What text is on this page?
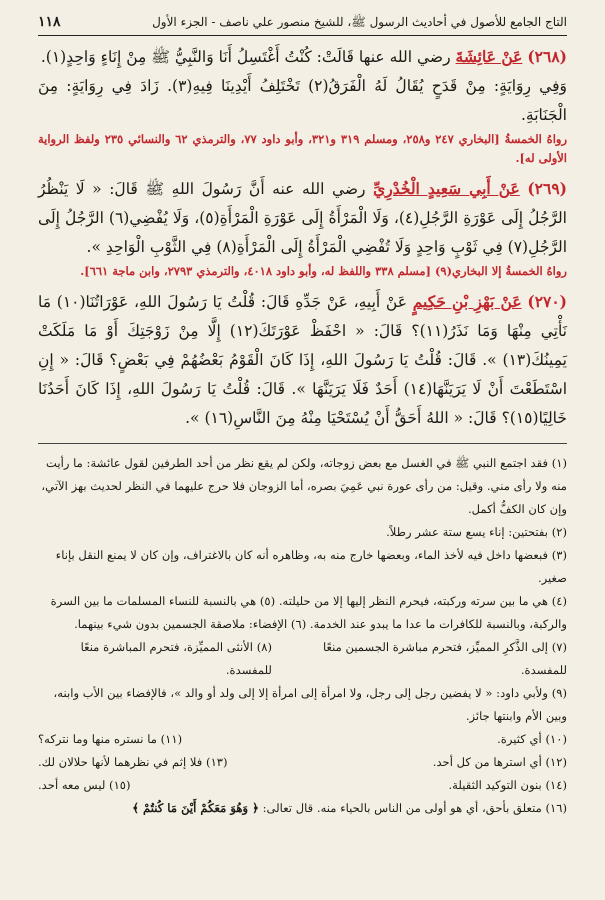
التاج الجامع للأصول في أحاديث الرسول ﷺ، للشيخ منصور علي ناصف - الجزء الأول
١١٨

(٢٦٨) عَنْ عَائِشَةَ رضي الله عنها قَالَتْ: كُنْتُ أَغْتَسِلُ أَنَا وَالنَّبِيُّ ﷺ مِنْ إِنَاءٍ وَاحِدٍ(١).

وَفِي رِوَايَةٍ: مِنْ قَدَحٍ يُقَالُ لَهُ الْفَرَقُ(٢) تَخْتَلِفُ أَيْدِينَا فِيهِ(٣). زَادَ فِي رِوَايَةٍ: مِنَ الْجَنَابَةِ.

رواهُ الخمسةُ [البخاري ٢٤٧ و٢٥٨، ومسلم ٣١٩ و٣٢١، وأبو داود ٧٧، والترمذي ٦٢ والنسائي ٢٣٥ ولفظ الرواية الأولى له].

(٢٦٩) عَنْ أَبِي سَعِيدٍ الْخُدْرِيِّ رضي الله عنه أَنَّ رَسُولَ اللهِ ﷺ قَالَ: « لَا يَنْظُرُ الرَّجُلُ إِلَى عَوْرَةِ الرَّجُلِ(٤)، وَلَا الْمَرْأَةُ إِلَى عَوْرَةِ الْمَرْأَةِ(٥)، وَلَا يُفْضِي(٦) الرَّجُلُ إِلَى الرَّجُلِ(٧) فِي ثَوْبٍ وَاحِدٍ وَلَا تُفْضِي الْمَرْأَةُ إِلَى الْمَرْأَةِ(٨) فِي الثَّوْبِ الْوَاحِدِ ».

رواهُ الخمسةُ إلا البخاري(٩) [مسلم ٣٣٨ واللفظ له، وأبو داود ٤٠١٨، والترمذي ٢٧٩٣، وابن ماجة ٦٦١].

(٢٧٠) عَنْ بَهْزِ بْنِ حَكِيمٍ عَنْ أَبِيهِ، عَنْ جَدِّهِ قَالَ: قُلْتُ يَا رَسُولَ اللهِ، عَوْرَاتُنَا(١٠) مَا نَأْتِي مِنْهَا وَمَا نَذَرُ(١١)؟ قَالَ: « احْفَظْ عَوْرَتَكَ(١٢) إِلَّا مِنْ زَوْجَتِكَ أَوْ مَا مَلَكَتْ يَمِينُكَ(١٣) ». قَالَ: قُلْتُ يَا رَسُولَ اللهِ، إِذَا كَانَ الْقَوْمُ بَعْضُهُمْ فِي بَعْضٍ؟ قَالَ: « إِنِ اسْتَطَعْتَ أَنْ لَا يَرَيَنَّهَا(١٤) أَحَدٌ فَلَا يَرَيَنَّهَا ». قَالَ: قُلْتُ يَا رَسُولَ اللهِ، إِذَا كَانَ أَحَدُنَا خَالِيًا(١٥)؟ قَالَ: « اللهُ أَحَقُّ أَنْ يُسْتَحْيَا مِنْهُ مِنَ النَّاسِ(١٦) ».

(١) فقد اجتمع النبي ﷺ في الغسل مع بعض زوجاته، ولكن لم يقع نظر من أحد الطرفين لقول عائشة: ما رأيت منه ولا رأى مني. وقيل: من رأى عورة نبي عَمِيَ بصره، أما الزوجان فلا حرج عليهما في النظر لحديث بهز الآتي، وإن كان الكفُّ أكمل.

(٢) بفتحتين: إناء يسع ستة عشر رطلاً.

(٣) فبعضها داخل فيه لأخذ الماء، وبعضها خارج منه به، وظاهره أنه كان بالاغتراف، وإن كان لا يمنع النقل بإناء صغير.

(٤) هي ما بين سرته وركبته، فيحرم النظر إليها إلا من حليلته. (٥) هي بالنسبة للنساء المسلمات ما بين السرة والركبة، وبالنسبة للكافرات ما عدا ما يبدو عند الخدمة. (٦) الإفضاء: ملاصقة الجسمين بدون شيء بينهما.

(٧) إلى الذَّكرِ المميِّز، فتحرم مباشرة الجسمين منعًا للمفسدة.
(٨) الأنثى المميِّزة، فتحرم المباشرة منعًا للمفسدة.

(٩) ولأبي داود: « لا يفضين رجل إلى رجل، ولا امرأة إلى امرأة إلا إلى ولد أو والد »، فالإفضاء بين الأب وابنه، وبين الأم وابنتها جائز.

(١٠) أي كثيرة.
(١١) ما نستره منها وما نتركه؟
(١٢) أي استرها من كل أحد.
(١٣) فلا إثم في نظرهما لأنها حلالان لك.
(١٤) بنون التوكيد الثقيلة.
(١٥) ليس معه أحد.

(١٦) متعلق بأحق، أي هو أولى من الناس بالحياء منه. قال تعالى: ﴿ وَهُوَ مَعَكُمْ أَيْنَ مَا كُنتُمْ ﴾
